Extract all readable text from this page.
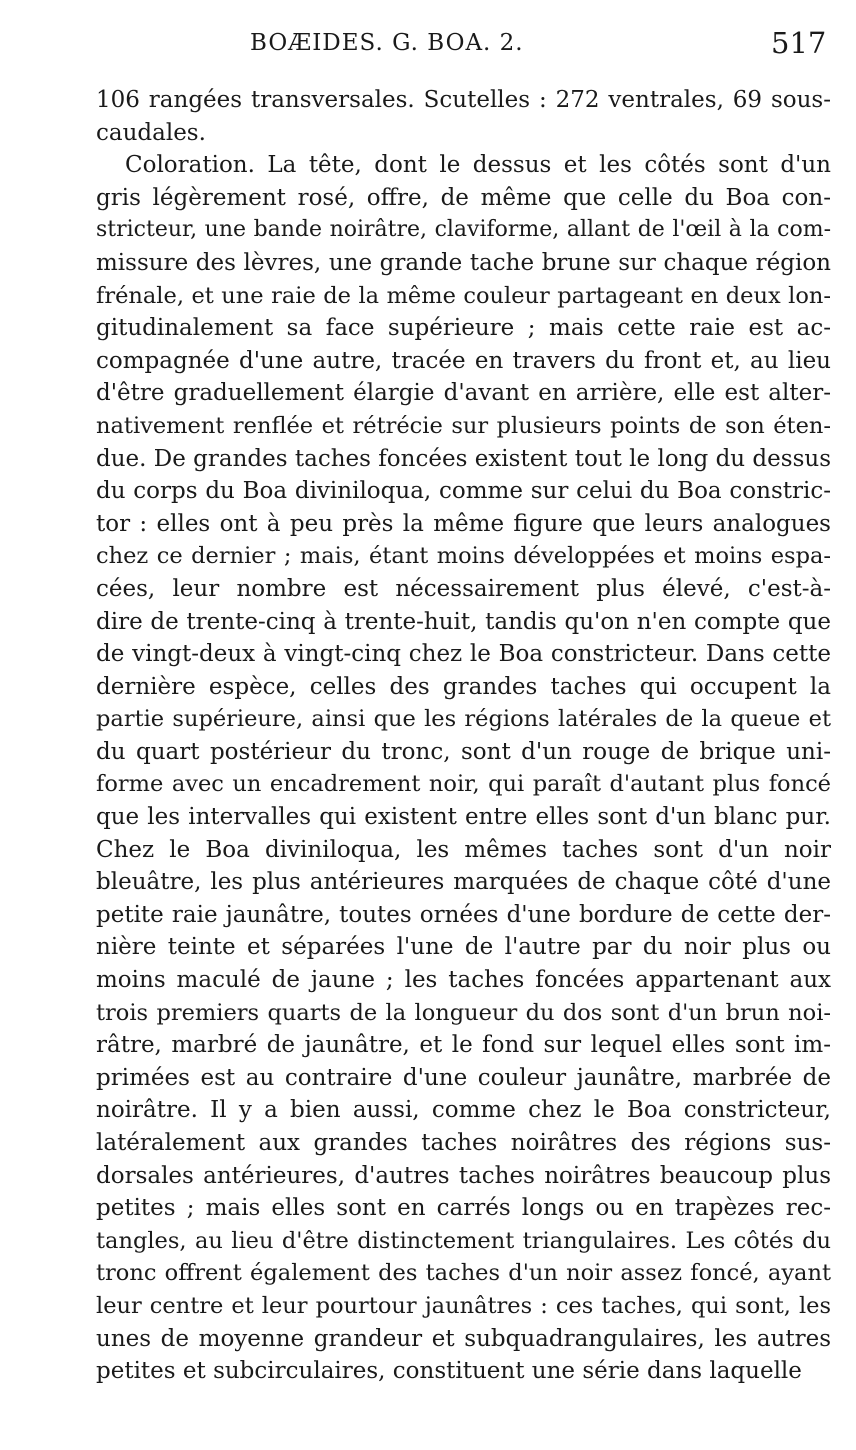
BOÆIDES. G. BOA. 2.	517
106 rangées transversales. Scutelles : 272 ventrales, 69 sous-
caudales.
Coloration. La tête, dont le dessus et les côtés sont d'un
gris légèrement rosé, offre, de même que celle du Boa con-
stricteur, une bande noirâtre, claviforme, allant de l'œil à la com-
missure des lèvres, une grande tache brune sur chaque région
frénale, et une raie de la même couleur partageant en deux lon-
gitudinalement sa face supérieure ; mais cette raie est ac-
compagnée d'une autre, tracée en travers du front et, au lieu
d'être graduellement élargie d'avant en arrière, elle est alter-
nativement renflée et rétrécie sur plusieurs points de son éten-
due. De grandes taches foncées existent tout le long du dessus
du corps du Boa diviniloqua, comme sur celui du Boa constric-
tor : elles ont à peu près la même figure que leurs analogues
chez ce dernier ; mais, étant moins développées et moins espa-
cées, leur nombre est nécessairement plus élevé, c'est-à-
dire de trente-cinq à trente-huit, tandis qu'on n'en compte que
de vingt-deux à vingt-cinq chez le Boa constricteur. Dans cette
dernière espèce, celles des grandes taches qui occupent la
partie supérieure, ainsi que les régions latérales de la queue et
du quart postérieur du tronc, sont d'un rouge de brique uni-
forme avec un encadrement noir, qui paraît d'autant plus foncé
que les intervalles qui existent entre elles sont d'un blanc pur.
Chez le Boa diviniloqua, les mêmes taches sont d'un noir
bleuâtre, les plus antérieures marquées de chaque côté d'une
petite raie jaunâtre, toutes ornées d'une bordure de cette der-
nière teinte et séparées l'une de l'autre par du noir plus ou
moins maculé de jaune ; les taches foncées appartenant aux
trois premiers quarts de la longueur du dos sont d'un brun noi-
râtre, marbré de jaunâtre, et le fond sur lequel elles sont im-
primées est au contraire d'une couleur jaunâtre, marbrée de
noirâtre. Il y a bien aussi, comme chez le Boa constricteur,
latéralement aux grandes taches noirâtres des régions sus-
dorsales antérieures, d'autres taches noirâtres beaucoup plus
petites ; mais elles sont en carrés longs ou en trapèzes rec-
tangles, au lieu d'être distinctement triangulaires. Les côtés du
tronc offrent également des taches d'un noir assez foncé, ayant
leur centre et leur pourtour jaunâtres : ces taches, qui sont, les
unes de moyenne grandeur et subquadrangulaires, les autres
petites et subcirculaires, constituent une série dans laquelle
